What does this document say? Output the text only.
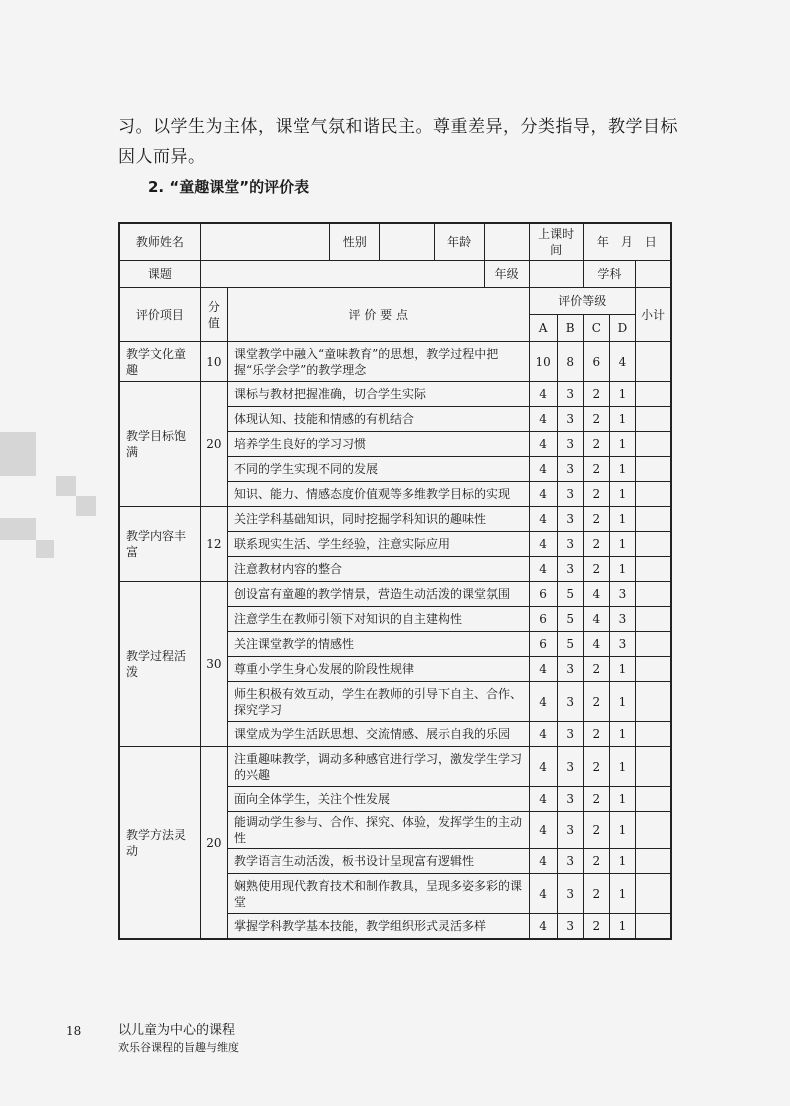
习。以学生为主体，课堂气氛和谐民主。尊重差异，分类指导，教学目标因人而异。
2. “童趣课堂”的评价表
教师姓名			性别		年龄		上课时间		年　月　日		
课题						年级			学科		
评价项目	分值	评 价 要 点					评价等级				小计
							A	B	C	D	
教学文化童趣	10	课堂教学中融入“童味教育”的思想，教学过程中把握“乐学会学”的教学理念					10	8	6	4	
教学目标饱满	20	课标与教材把握准确，切合学生实际					4	3	2	1	
		体现认知、技能和情感的有机结合					4	3	2	1	
		培养学生良好的学习习惯					4	3	2	1	
		不同的学生实现不同的发展					4	3	2	1	
		知识、能力、情感态度价值观等多维教学目标的实现					4	3	2	1	
教学内容丰富	12	关注学科基础知识，同时挖掘学科知识的趣味性					4	3	2	1	
		联系现实生活、学生经验，注意实际应用					4	3	2	1	
		注意教材内容的整合					4	3	2	1	
教学过程活泼	30	创设富有童趣的教学情景，营造生动活泼的课堂氛围					6	5	4	3	
		注意学生在教师引领下对知识的自主建构性					6	5	4	3	
		关注课堂教学的情感性					6	5	4	3	
		尊重小学生身心发展的阶段性规律					4	3	2	1	
		师生积极有效互动，学生在教师的引导下自主、合作、探究学习					4	3	2	1	
		课堂成为学生活跃思想、交流情感、展示自我的乐园					4	3	2	1	
教学方法灵动	20	注重趣味教学，调动多种感官进行学习，激发学生学习的兴趣					4	3	2	1	
		面向全体学生，关注个性发展					4	3	2	1	
		能调动学生参与、合作、探究、体验，发挥学生的主动性					4	3	2	1	
		教学语言生动活泼，板书设计呈现富有逻辑性					4	3	2	1	
		娴熟使用现代教育技术和制作教具，呈现多姿多彩的课堂					4	3	2	1	
		掌握学科教学基本技能，教学组织形式灵活多样					4	3	2	1	
18	以儿童为中心的课程
欢乐谷课程的旨趣与维度
